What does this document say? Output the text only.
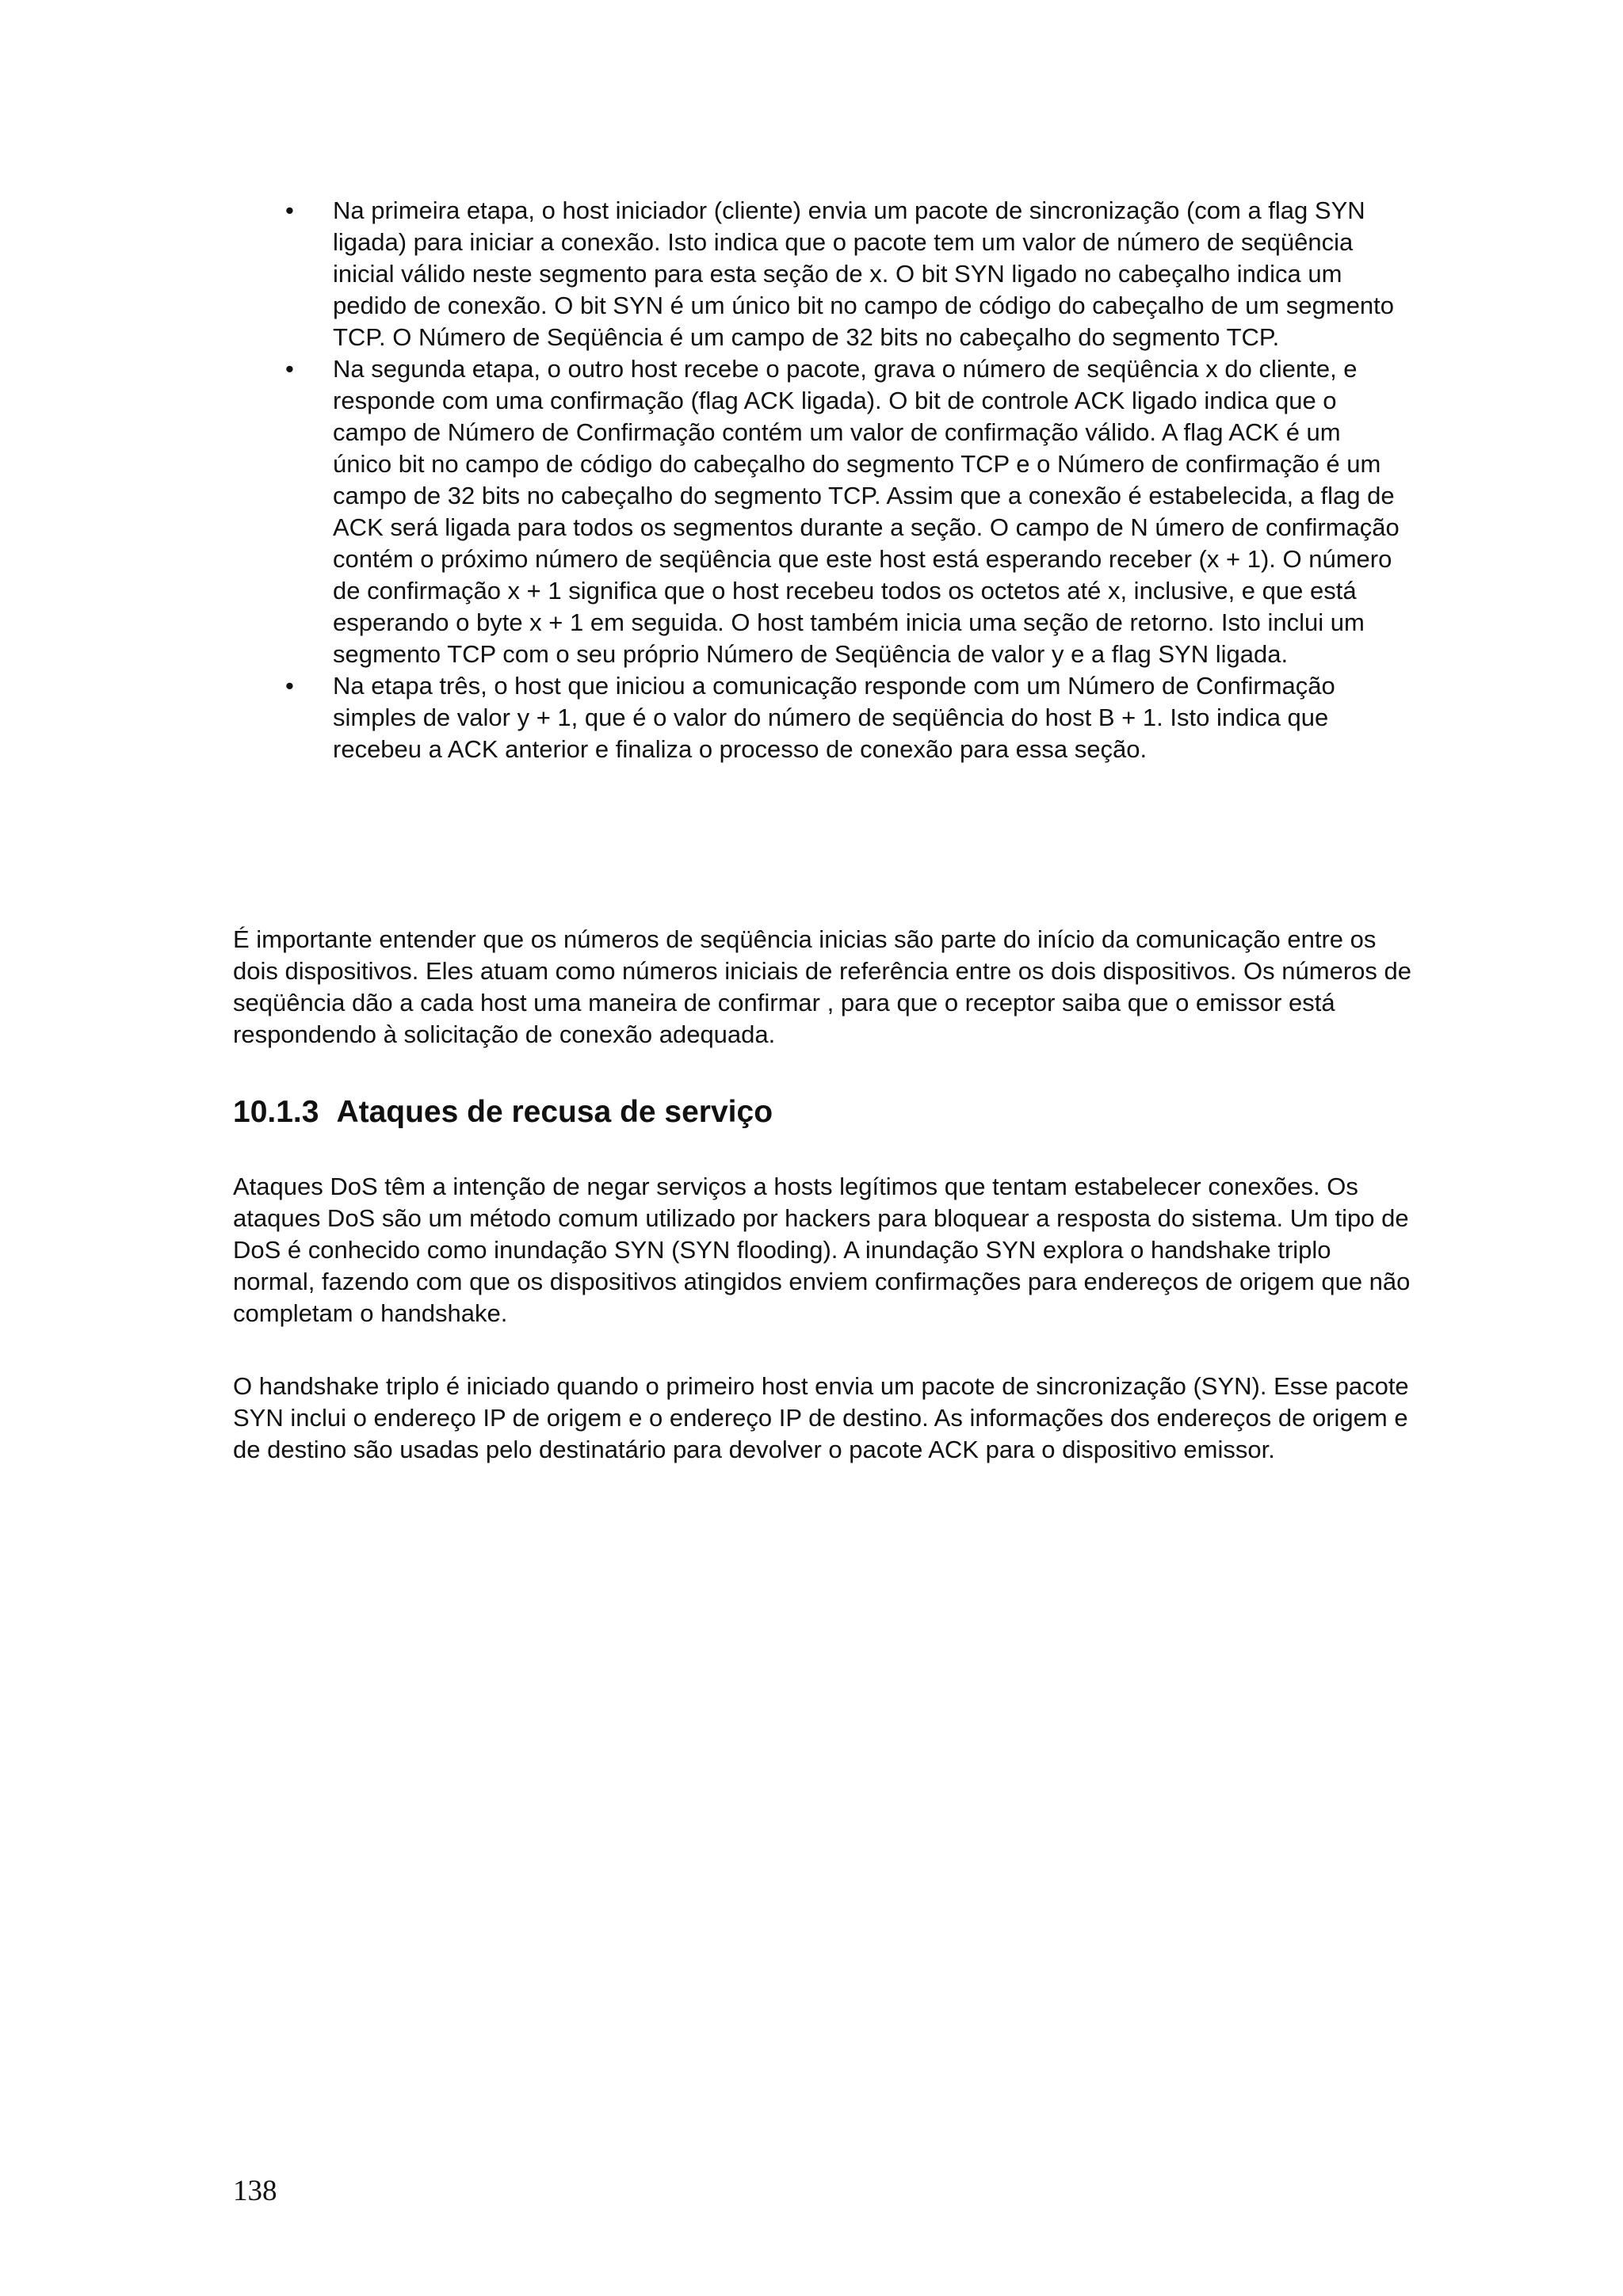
• Na primeira etapa, o host iniciador (cliente) envia um pacote de sincronização (com a flag SYN ligada) para iniciar a conexão. Isto indica que o pacote tem um valor de número de seqüência inicial válido neste segmento para esta seção de x. O bit SYN ligado no cabeçalho indica um pedido de conexão. O bit SYN é um único bit no campo de código do cabeçalho de um segmento TCP. O Número de Seqüência é um campo de 32 bits no cabeçalho do segmento TCP.
• Na segunda etapa, o outro host recebe o pacote, grava o número de seqüência x do cliente, e responde com uma confirmação (flag ACK ligada). O bit de controle ACK ligado indica que o campo de Número de Confirmação contém um valor de confirmação válido. A flag ACK é um único bit no campo de código do cabeçalho do segmento TCP e o Número de confirmação é um campo de 32 bits no cabeçalho do segmento TCP. Assim que a conexão é estabelecida, a flag de ACK será ligada para todos os segmentos durante a seção. O campo de N úmero de confirmação contém o próximo número de seqüência que este host está esperando receber (x + 1). O número de confirmação x + 1 significa que o host recebeu todos os octetos até x, inclusive, e que está esperando o byte x + 1 em seguida. O host também inicia uma seção de retorno. Isto inclui um segmento TCP com o seu próprio Número de Seqüência de valor y e a flag SYN ligada.
• Na etapa três, o host que iniciou a comunicação responde com um Número de Confirmação simples de valor y + 1, que é o valor do número de seqüência do host B + 1. Isto indica que recebeu a ACK anterior e finaliza o processo de conexão para essa seção.

É importante entender que os números de seqüência inicias são parte do início da comunicação entre os dois dispositivos. Eles atuam como números iniciais de referência entre os dois dispositivos. Os números de seqüência dão a cada host uma maneira de confirmar , para que o receptor saiba que o emissor está respondendo à solicitação de conexão adequada.

10.1.3 Ataques de recusa de serviço

Ataques DoS têm a intenção de negar serviços a hosts legítimos que tentam estabelecer conexões. Os ataques DoS são um método comum utilizado por hackers para bloquear a resposta do sistema. Um tipo de DoS é conhecido como inundação SYN (SYN flooding). A inundação SYN explora o handshake triplo normal, fazendo com que os dispositivos atingidos enviem confirmações para endereços de origem que não completam o handshake.

O handshake triplo é iniciado quando o primeiro host envia um pacote de sincronização (SYN). Esse pacote SYN inclui o endereço IP de origem e o endereço IP de destino. As informações dos endereços de origem e de destino são usadas pelo destinatário para devolver o pacote ACK para o dispositivo emissor.

138
